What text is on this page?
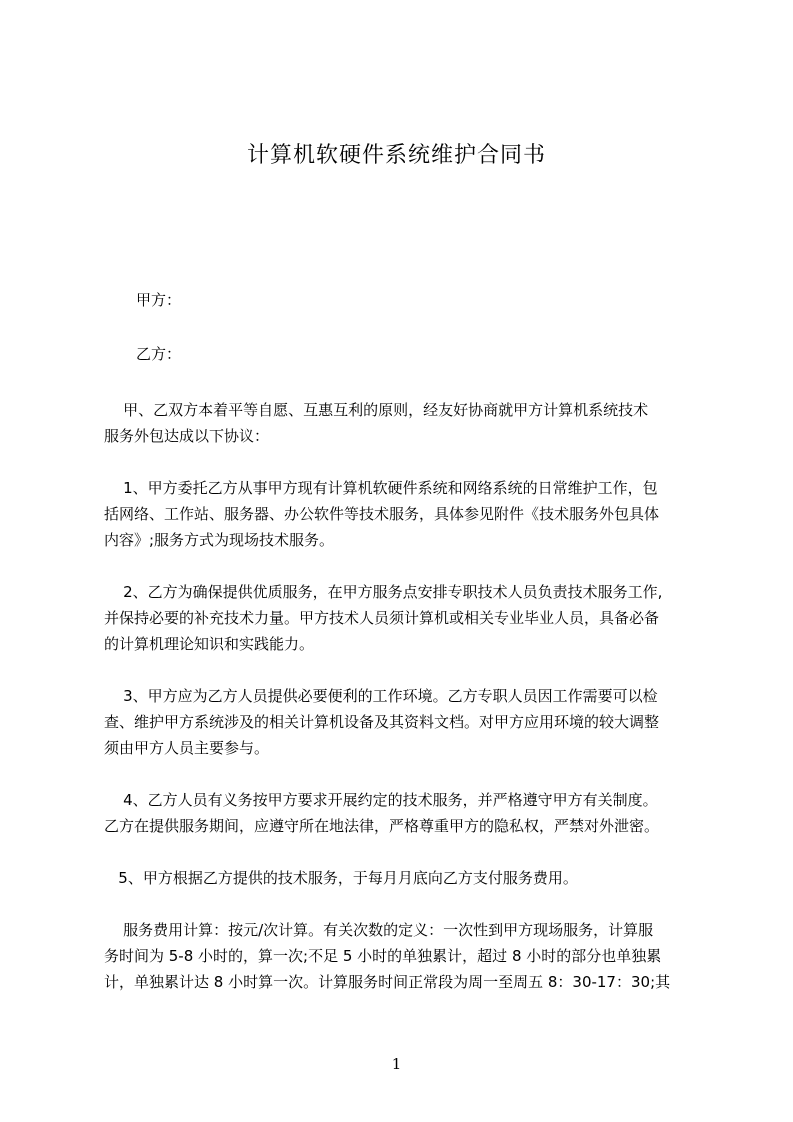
计算机软硬件系统维护合同书
甲方：
乙方：
甲、乙双方本着平等自愿、互惠互利的原则，经友好协商就甲方计算机系统技术
服务外包达成以下协议：
1、甲方委托乙方从事甲方现有计算机软硬件系统和网络系统的日常维护工作，包
括网络、工作站、服务器、办公软件等技术服务，具体参见附件《技术服务外包具体
内容》;服务方式为现场技术服务。
2、乙方为确保提供优质服务，在甲方服务点安排专职技术人员负责技术服务工作,
并保持必要的补充技术力量。甲方技术人员须计算机或相关专业毕业人员，具备必备
的计算机理论知识和实践能力。
3、甲方应为乙方人员提供必要便利的工作环境。乙方专职人员因工作需要可以检
查、维护甲方系统涉及的相关计算机设备及其资料文档。对甲方应用环境的较大调整
须由甲方人员主要参与。
4、乙方人员有义务按甲方要求开展约定的技术服务，并严格遵守甲方有关制度。
乙方在提供服务期间，应遵守所在地法律，严格尊重甲方的隐私权，严禁对外泄密。
5、甲方根据乙方提供的技术服务，于每月月底向乙方支付服务费用。
服务费用计算：按元/次计算。有关次数的定义：一次性到甲方现场服务，计算服
务时间为 5-8 小时的，算一次;不足 5 小时的单独累计，超过 8 小时的部分也单独累
计，单独累计达 8 小时算一次。计算服务时间正常段为周一至周五 8：30-17：30;其
1
